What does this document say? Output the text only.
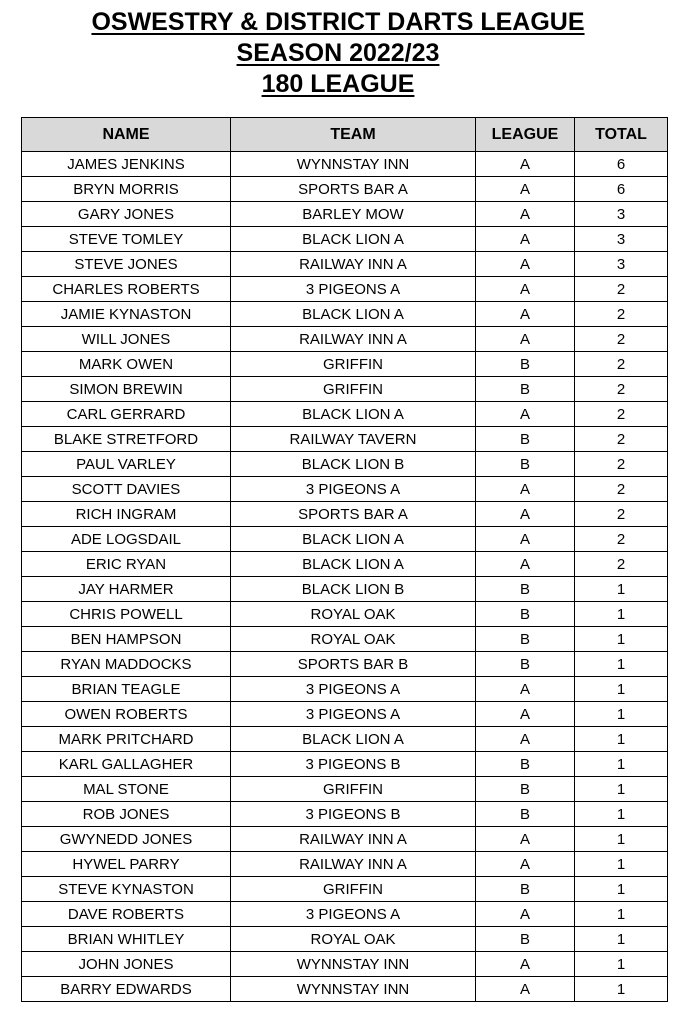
OSWESTRY & DISTRICT DARTS LEAGUE

SEASON 2022/23

180 LEAGUE

NAME	TEAM	LEAGUE	TOTAL
JAMES JENKINS	WYNNSTAY INN	A	6
BRYN MORRIS	SPORTS BAR A	A	6
GARY JONES	BARLEY MOW	A	3
STEVE TOMLEY	BLACK LION A	A	3
STEVE JONES	RAILWAY INN A	A	3
CHARLES ROBERTS	3 PIGEONS A	A	2
JAMIE KYNASTON	BLACK LION A	A	2
WILL JONES	RAILWAY INN A	A	2
MARK OWEN	GRIFFIN	B	2
SIMON BREWIN	GRIFFIN	B	2
CARL GERRARD	BLACK LION A	A	2
BLAKE STRETFORD	RAILWAY TAVERN	B	2
PAUL VARLEY	BLACK LION B	B	2
SCOTT DAVIES	3 PIGEONS A	A	2
RICH INGRAM	SPORTS BAR A	A	2
ADE LOGSDAIL	BLACK LION A	A	2
ERIC RYAN	BLACK LION A	A	2
JAY HARMER	BLACK LION B	B	1
CHRIS POWELL	ROYAL OAK	B	1
BEN HAMPSON	ROYAL OAK	B	1
RYAN MADDOCKS	SPORTS BAR B	B	1
BRIAN TEAGLE	3 PIGEONS A	A	1
OWEN ROBERTS	3 PIGEONS A	A	1
MARK PRITCHARD	BLACK LION A	A	1
KARL GALLAGHER	3 PIGEONS B	B	1
MAL STONE	GRIFFIN	B	1
ROB JONES	3 PIGEONS B	B	1
GWYNEDD JONES	RAILWAY INN A	A	1
HYWEL PARRY	RAILWAY INN A	A	1
STEVE KYNASTON	GRIFFIN	B	1
DAVE ROBERTS	3 PIGEONS A	A	1
BRIAN WHITLEY	ROYAL OAK	B	1
JOHN JONES	WYNNSTAY INN	A	1
BARRY EDWARDS	WYNNSTAY INN	A	1
